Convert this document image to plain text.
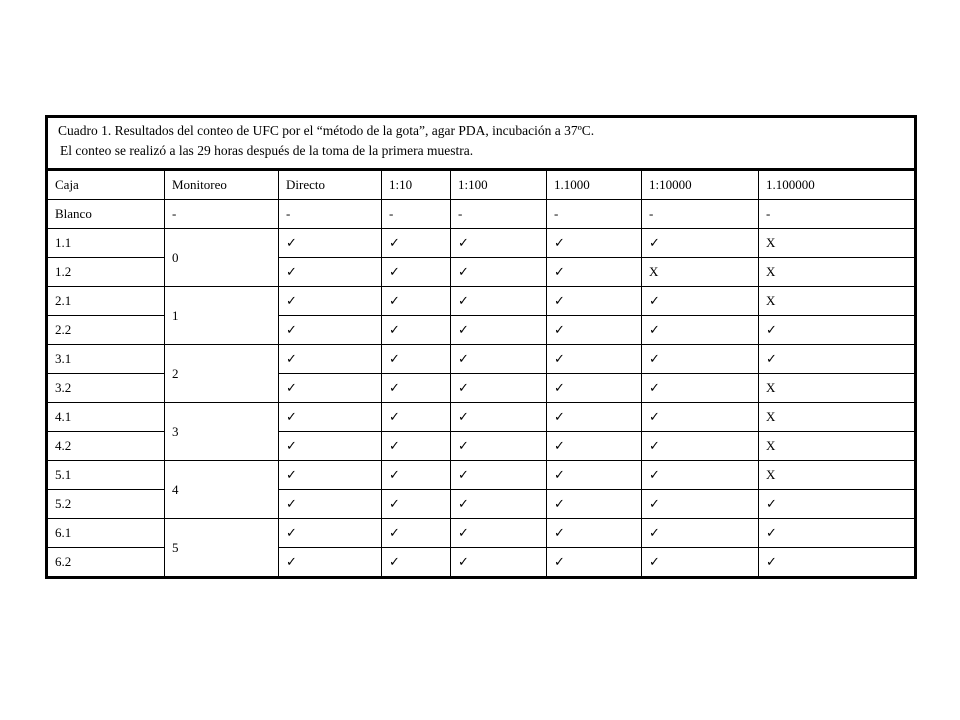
Cuadro 1. Resultados del conteo de UFC por el “método de la gota”, agar PDA, incubación a 37ºC.
El conteo se realizó a las 29 horas después de la toma de la primera muestra.							

Caja	Monitoreo	Directo	1:10	1:100	1.1000	1:10000	1.100000
Blanco	-	-	-	-	-	-	-
1.1	0	✓	✓	✓	✓	✓	X
1.2		✓	✓	✓	✓	X	X
2.1	1	✓	✓	✓	✓	✓	X
2.2		✓	✓	✓	✓	✓	✓
3.1	2	✓	✓	✓	✓	✓	✓
3.2		✓	✓	✓	✓	✓	X
4.1	3	✓	✓	✓	✓	✓	X
4.2		✓	✓	✓	✓	✓	X
5.1	4	✓	✓	✓	✓	✓	X
5.2		✓	✓	✓	✓	✓	✓
6.1	5	✓	✓	✓	✓	✓	✓
6.2		✓	✓	✓	✓	✓	✓
